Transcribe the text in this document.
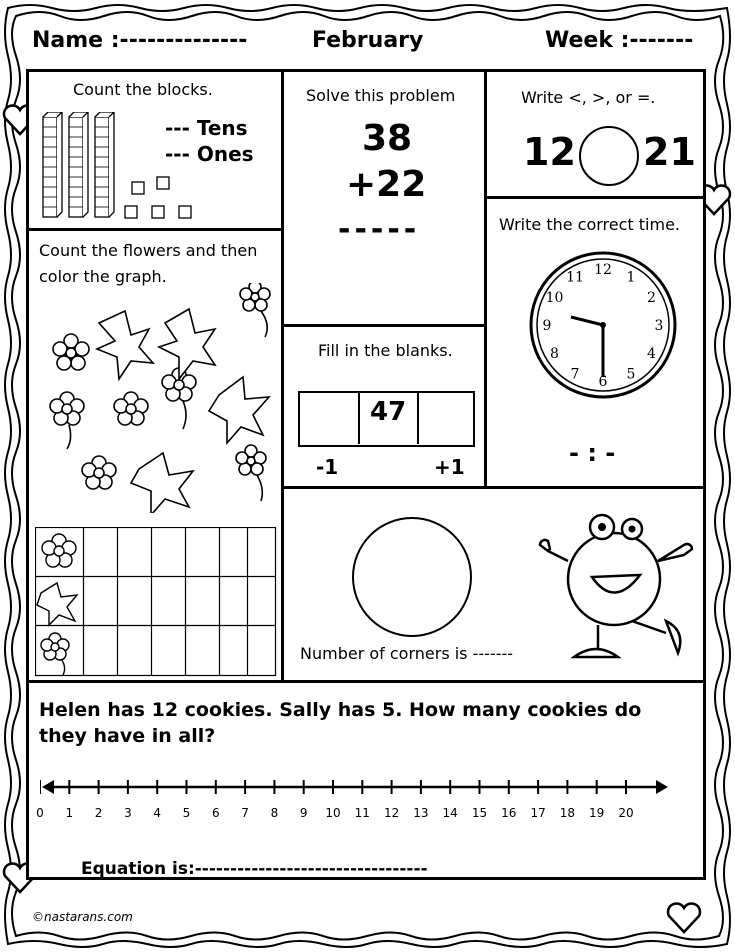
Name :--------------	February	Week :-------
Count the blocks.
--- Tens
--- Ones
Solve this problem
38
+22
-----
Write <, >, or =.
12 21
Count the flowers and then
color the graph.
Fill in the blanks.
47
-1	+1
Write the correct time.
12 1
2
3
4
5
6
7
8
9
10
11
- : -
Number of corners is -------
Helen has 12 cookies. Sally has 5. How many cookies do
they have in all?
Equation is:---------------------------------
0 1 2 3 4 5 6 7 8 9 10 11 12 13 14 15 16 17 18 19 20
©nastarans.com
